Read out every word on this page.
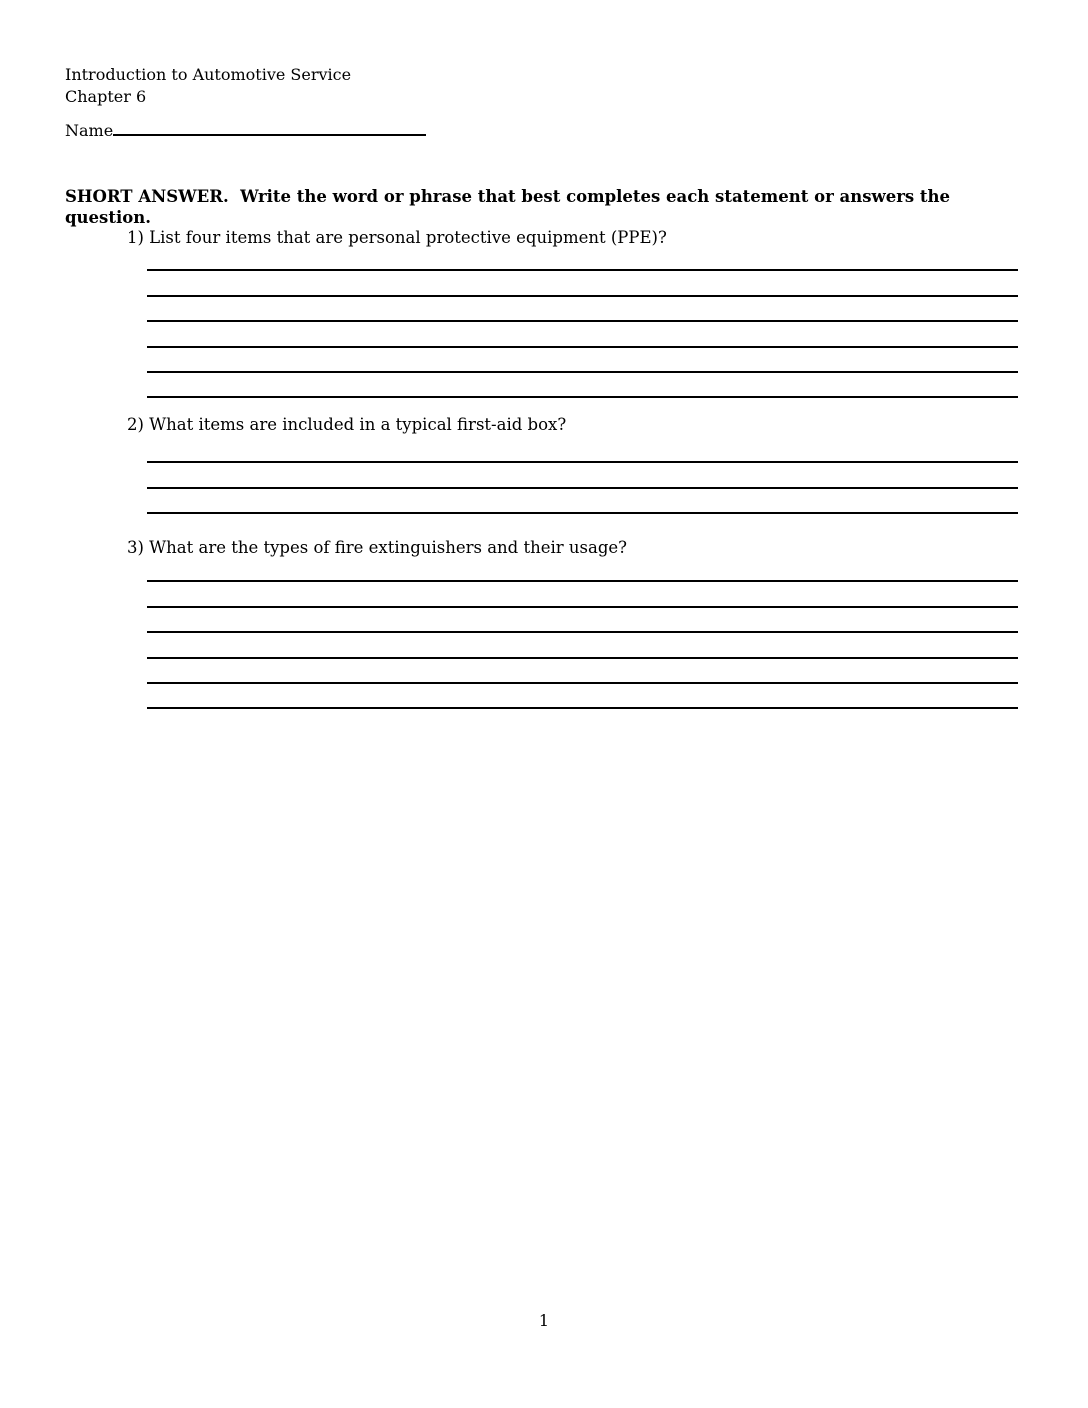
Introduction to Automotive Service
Chapter 6
Name
SHORT ANSWER.  Write the word or phrase that best completes each statement or answers the question.
1) List four items that are personal protective equipment (PPE)?
2) What items are included in a typical first-aid box?
3) What are the types of fire extinguishers and their usage?
1
